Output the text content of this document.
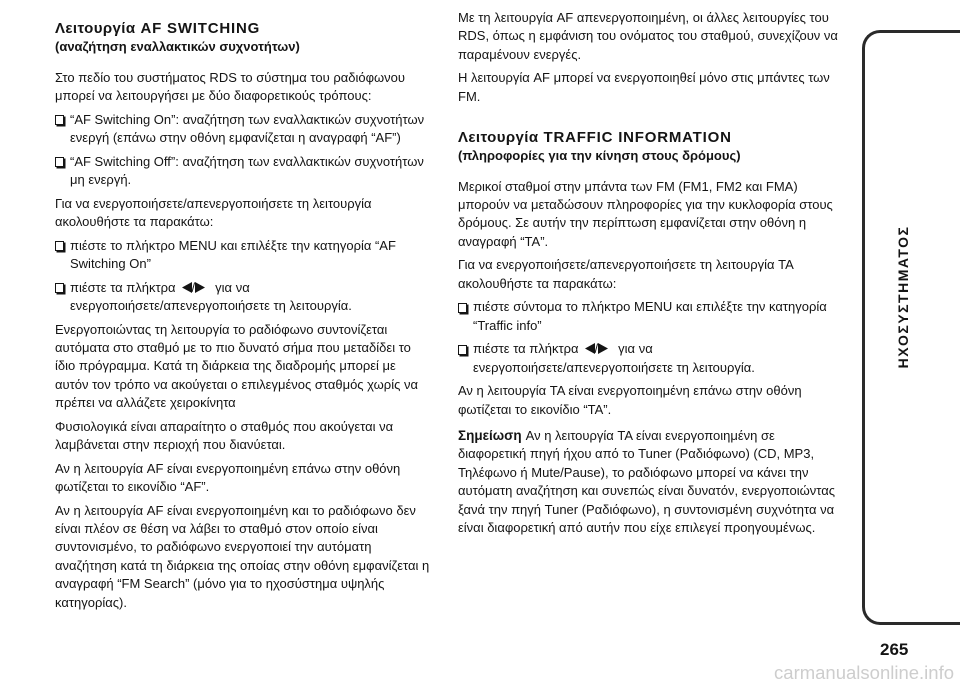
Λειτουργία AF SWITCHING
(αναζήτηση εναλλακτικών συχνοτήτων)
Στο πεδίο του συστήματος RDS το σύστημα του ραδιόφωνου
μπορεί να λειτουργήσει με δύο διαφορετικούς τρόπους:
“AF Switching On”: αναζήτηση των εναλλακτικών συχνοτήτων
ενεργή (επάνω στην οθόνη εμφανίζεται η αναγραφή “AF”)
“AF Switching Off”: αναζήτηση των εναλλακτικών συχνοτήτων
μη ενεργή.
Για να ενεργοποιήσετε/απενεργοποιήσετε τη λειτουργία
ακολουθήστε τα παρακάτω:
πιέστε το πλήκτρο MENU και επιλέξτε την κατηγορία “AF
Switching On”
πιέστε τα πλήκτρα / για να
ενεργοποιήσετε/απενεργοποιήσετε τη λειτουργία.
Ενεργοποιώντας τη λειτουργία το ραδιόφωνο συντονίζεται
αυτόματα στο σταθμό με το πιο δυνατό σήμα που μεταδίδει το
ίδιο πρόγραμμα. Κατά τη διάρκεια της διαδρομής μπορεί με
αυτόν τον τρόπο να ακούγεται ο επιλεγμένος σταθμός χωρίς να
πρέπει να αλλάζετε χειροκίνητα
Φυσιολογικά είναι απαραίτητο ο σταθμός που ακούγεται να
λαμβάνεται στην περιοχή που διανύεται.
Αν η λειτουργία AF είναι ενεργοποιημένη επάνω στην οθόνη
φωτίζεται το εικονίδιο “AF”.
Αν η λειτουργία AF είναι ενεργοποιημένη και το ραδιόφωνο δεν
είναι πλέον σε θέση να λάβει το σταθμό στον οποίο είναι
συντονισμένο, το ραδιόφωνο ενεργοποιεί την αυτόματη
αναζήτηση κατά τη διάρκεια της οποίας στην οθόνη εμφανίζεται η
αναγραφή “FM Search” (μόνο για το ηχοσύστημα υψηλής
κατηγορίας).
Με τη λειτουργία AF απενεργοποιημένη, οι άλλες λειτουργίες του
RDS, όπως η εμφάνιση του ονόματος του σταθμού, συνεχίζουν να
παραμένουν ενεργές.
Η λειτουργία AF μπορεί να ενεργοποιηθεί μόνο στις μπάντες των
FM.
Λειτουργία TRAFFIC INFORMATION
(πληροφορίες για την κίνηση στους δρόμους)
Μερικοί σταθμοί στην μπάντα των FM (FM1, FM2 και FMA)
μπορούν να μεταδώσουν πληροφορίες για την κυκλοφορία στους
δρόμους. Σε αυτήν την περίπτωση εμφανίζεται στην οθόνη η
αναγραφή “TA”.
Για να ενεργοποιήσετε/απενεργοποιήσετε τη λειτουργία TA
ακολουθήστε τα παρακάτω:
πιέστε σύντομα το πλήκτρο MENU και επιλέξτε την κατηγορία
“Traffic info”
πιέστε τα πλήκτρα / για να
ενεργοποιήσετε/απενεργοποιήσετε τη λειτουργία.
Αν η λειτουργία TA είναι ενεργοποιημένη επάνω στην οθόνη
φωτίζεται το εικονίδιο “TA”.
Σημείωση Αν η λειτουργία TA είναι ενεργοποιημένη σε
διαφορετική πηγή ήχου από το Tuner (Ραδιόφωνο) (CD, MP3,
Τηλέφωνο ή Mute/Pause), το ραδιόφωνο μπορεί να κάνει την
αυτόματη αναζήτηση και συνεπώς είναι δυνατόν, ενεργοποιώντας
ξανά την πηγή Tuner (Ραδιόφωνο), η συντονισμένη συχνότητα να
είναι διαφορετική από αυτήν που είχε επιλεγεί προηγουμένως.
ΗΧΟΣΥΣΤΗΜΑΤΟΣ
265
carmanualsonline.info
